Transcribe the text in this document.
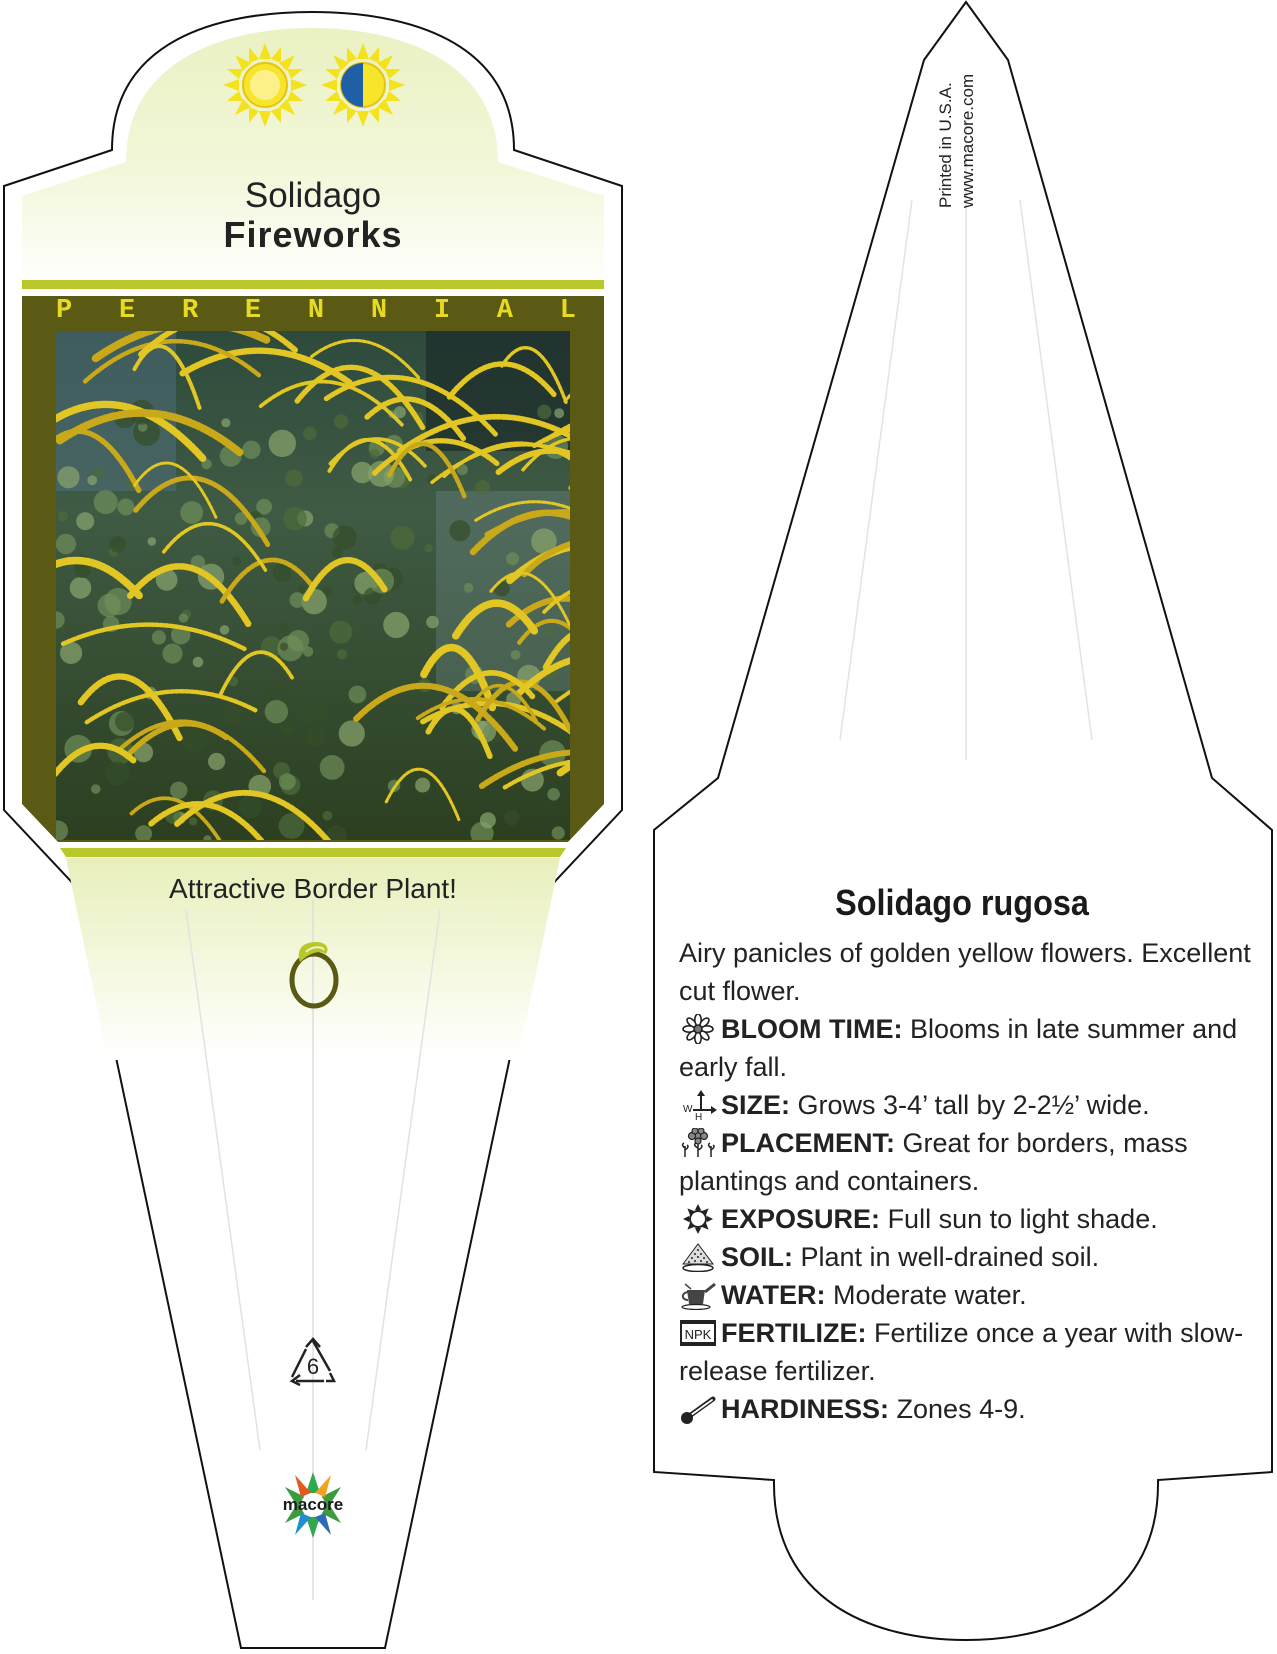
Solidago
Fireworks
P E R E N N I A L
Attractive Border Plant!
6
macore
Printed in U.S.A. www.macore.com
Solidago rugosa

Airy panicles of golden yellow flowers. Excellent cut flower.

BLOOM TIME: Blooms in late summer and early fall.

W
H SIZE: Grows 3-4’ tall by 2-2½’ wide.

PLACEMENT: Great for borders, mass plantings and containers.

EXPOSURE: Full sun to light shade.

SOIL: Plant in well-drained soil.

WATER: Moderate water.

NPK FERTILIZE: Fertilize once a year with slow-release fertilizer.

HARDINESS: Zones 4-9.
